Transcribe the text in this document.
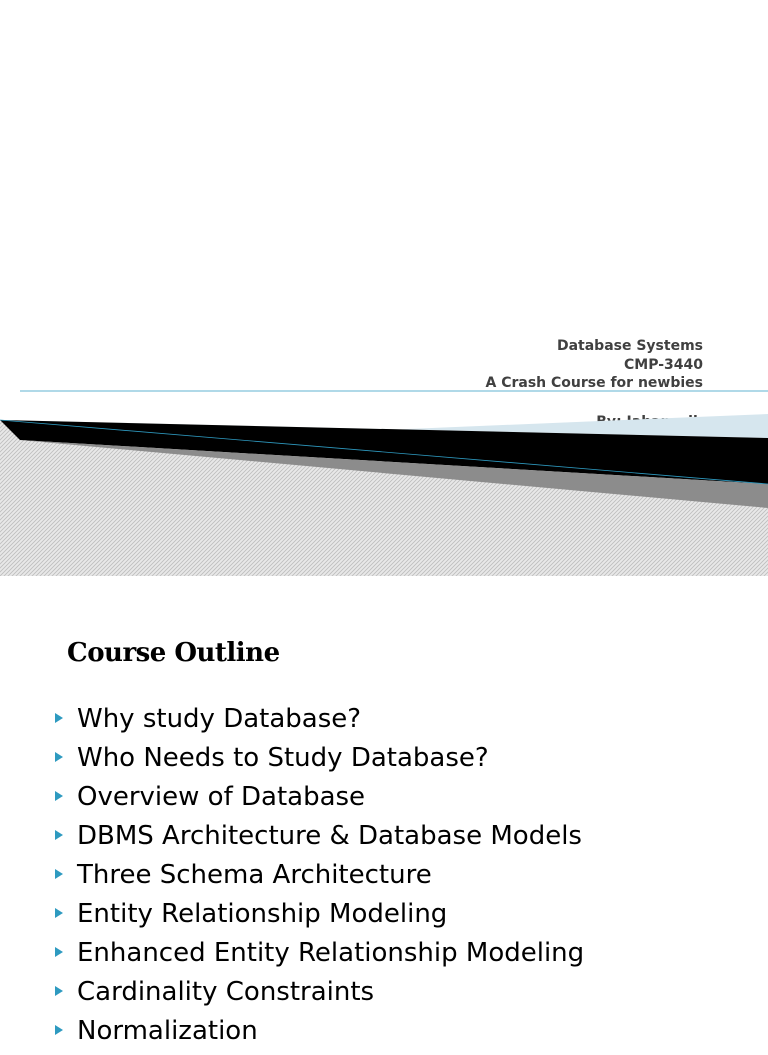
Database Systems
CMP-3440
A Crash Course for newbies
Course Outline
Why study Database?
Who Needs to Study Database?
Overview of Database
DBMS Architecture & Database Models
Three Schema Architecture
Entity Relationship Modeling
Enhanced Entity Relationship Modeling
Cardinality Constraints
Normalization
